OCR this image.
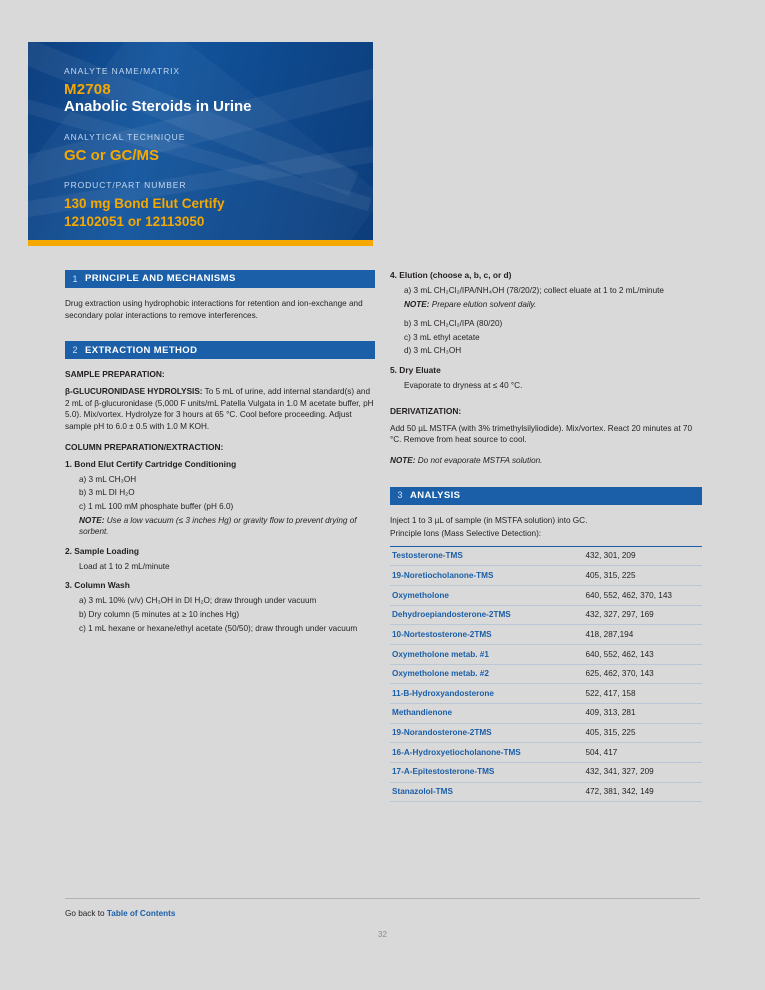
ANALYTE NAME/MATRIX
M2708
Anabolic Steroids in Urine
ANALYTICAL TECHNIQUE
GC or GC/MS
PRODUCT/PART NUMBER
130 mg Bond Elut Certify
12102051 or 12113050
1 PRINCIPLE AND MECHANISMS

Drug extraction using hydrophobic interactions for retention and ion-exchange and secondary polar interactions to remove interferences.

2 EXTRACTION METHOD
SAMPLE PREPARATION:

β-GLUCURONIDASE HYDROLYSIS: To 5 mL of urine, add internal standard(s) and 2 mL of β-glucuronidase (5,000 F units/mL Patella Vulgata in 1.0 M acetate buffer, pH 5.0). Mix/vortex. Hydrolyze for 3 hours at 65 °C. Cool before proceeding. Adjust sample pH to 6.0 ± 0.5 with 1.0 M KOH.

COLUMN PREPARATION/EXTRACTION:
1. Bond Elut Certify Cartridge Conditioning
a) 3 mL CH₃OH
b) 3 mL DI H₂O
c) 1 mL 100 mM phosphate buffer (pH 6.0)
NOTE: Use a low vacuum (≤ 3 inches Hg) or gravity flow to prevent drying of sorbent.
2. Sample Loading
Load at 1 to 2 mL/minute
3. Column Wash
a) 3 mL 10% (v/v) CH₃OH in DI H₂O; draw through under vacuum
b) Dry column (5 minutes at ≥ 10 inches Hg)
c) 1 mL hexane or hexane/ethyl acetate (50/50); draw through under vacuum
4. Elution (choose a, b, c, or d)
a) 3 mL CH₂Cl₂/IPA/NH₄OH (78/20/2); collect eluate at 1 to 2 mL/minute
NOTE: Prepare elution solvent daily.
b) 3 mL CH₂Cl₂/IPA (80/20)
c) 3 mL ethyl acetate
d) 3 mL CH₃OH
5. Dry Eluate
Evaporate to dryness at ≤ 40 °C.
DERIVATIZATION:

Add 50 µL MSTFA (with 3% trimethylsilyliodide). Mix/vortex. React 20 minutes at 70 °C. Remove from heat source to cool.

NOTE: Do not evaporate MSTFA solution.
3 ANALYSIS
Inject 1 to 3 µL of sample (in MSTFA solution) into GC.
Principle Ions (Mass Selective Detection):
Testosterone-TMS	432, 301, 209
19-Noretiocholanone-TMS	405, 315, 225
Oxymetholone	640, 552, 462, 370, 143
Dehydroepiandosterone-2TMS	432, 327, 297, 169
10-Nortestosterone-2TMS	418, 287,194
Oxymetholone metab. #1	640, 552, 462, 143
Oxymetholone metab. #2	625, 462, 370, 143
11-B-Hydroxyandosterone	522, 417, 158
Methandienone	409, 313, 281
19-Norandosterone-2TMS	405, 315, 225
16-A-Hydroxyetiocholanone-TMS	504, 417
17-A-Epitestosterone-TMS	432, 341, 327, 209
Stanazolol-TMS	472, 381, 342, 149
Go back to Table of Contents
32
